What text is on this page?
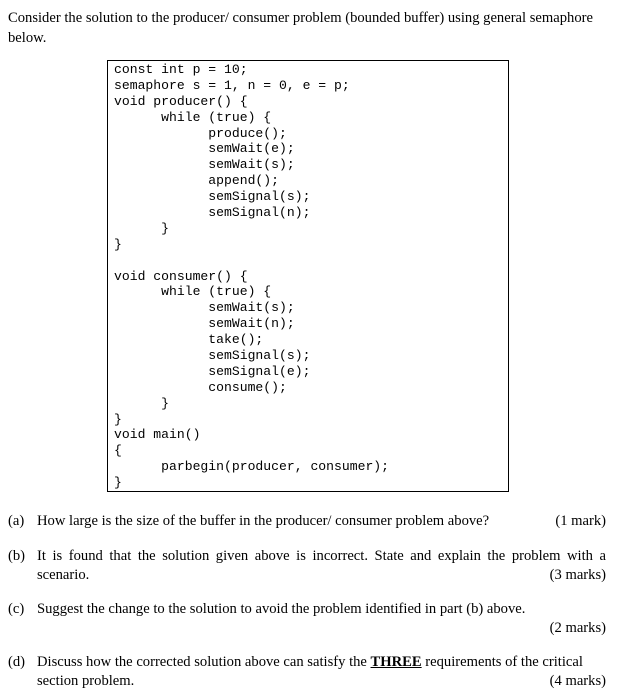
Consider the solution to the producer/ consumer problem (bounded buffer) using general semaphore below.
const int p = 10;
semaphore s = 1, n = 0, e = p;
void producer() {
while (true) {
produce();
semWait(e);
semWait(s);
append();
semSignal(s);
semSignal(n);
}
}
void consumer() {
while (true) {
semWait(s);
semWait(n);
take();
semSignal(s);
semSignal(e);
consume();
}
}
void main()
{
parbegin(producer, consumer);
}
(a)	(1 mark)
How large is the size of the buffer in the producer/ consumer problem above?
(b) It is found that the solution given above is incorrect. State and explain the problem with a scenario.	(3 marks)
(c) Suggest the change to the solution to avoid the problem identified in part (b) above.
(2 marks)
(d) Discuss how the corrected solution above can satisfy the THREE requirements of the critical section problem.	(4 marks)
